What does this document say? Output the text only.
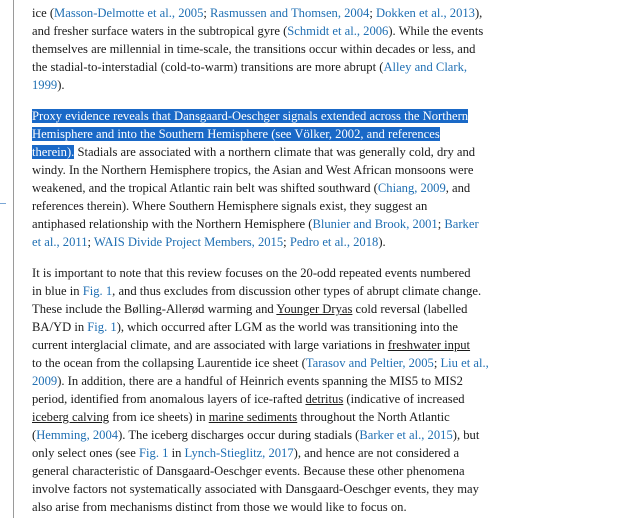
ice (Masson-Delmotte et al., 2005; Rasmussen and Thomsen, 2004; Dokken et al., 2013),
and fresher surface waters in the subtropical gyre (Schmidt et al., 2006). While the events
themselves are millennial in time-scale, the transitions occur within decades or less, and
the stadial-to-interstadial (cold-to-warm) transitions are more abrupt (Alley and Clark,
1999).

Proxy evidence reveals that Dansgaard-Oeschger signals extended across the Northern
Hemisphere and into the Southern Hemisphere (see Völker, 2002, and references
therein). Stadials are associated with a northern climate that was generally cold, dry and
windy. In the Northern Hemisphere tropics, the Asian and West African monsoons were
weakened, and the tropical Atlantic rain belt was shifted southward (Chiang, 2009, and
references therein). Where Southern Hemisphere signals exist, they suggest an
antiphased relationship with the Northern Hemisphere (Blunier and Brook, 2001; Barker
et al., 2011; WAIS Divide Project Members, 2015; Pedro et al., 2018).

It is important to note that this review focuses on the 20-odd repeated events numbered
in blue in Fig. 1, and thus excludes from discussion other types of abrupt climate change.
These include the Bølling-Allerød warming and Younger Dryas cold reversal (labelled
BA/YD in Fig. 1), which occurred after LGM as the world was transitioning into the
current interglacial climate, and are associated with large variations in freshwater input
to the ocean from the collapsing Laurentide ice sheet (Tarasov and Peltier, 2005; Liu et al.,
2009). In addition, there are a handful of Heinrich events spanning the MIS5 to MIS2
period, identified from anomalous layers of ice-rafted detritus (indicative of increased
iceberg calving from ice sheets) in marine sediments throughout the North Atlantic
(Hemming, 2004). The iceberg discharges occur during stadials (Barker et al., 2015), but
only select ones (see Fig. 1 in Lynch-Stieglitz, 2017), and hence are not considered a
general characteristic of Dansgaard-Oeschger events. Because these other phenomena
involve factors not systematically associated with Dansgaard-Oeschger events, they may
also arise from mechanisms distinct from those we would like to focus on.
